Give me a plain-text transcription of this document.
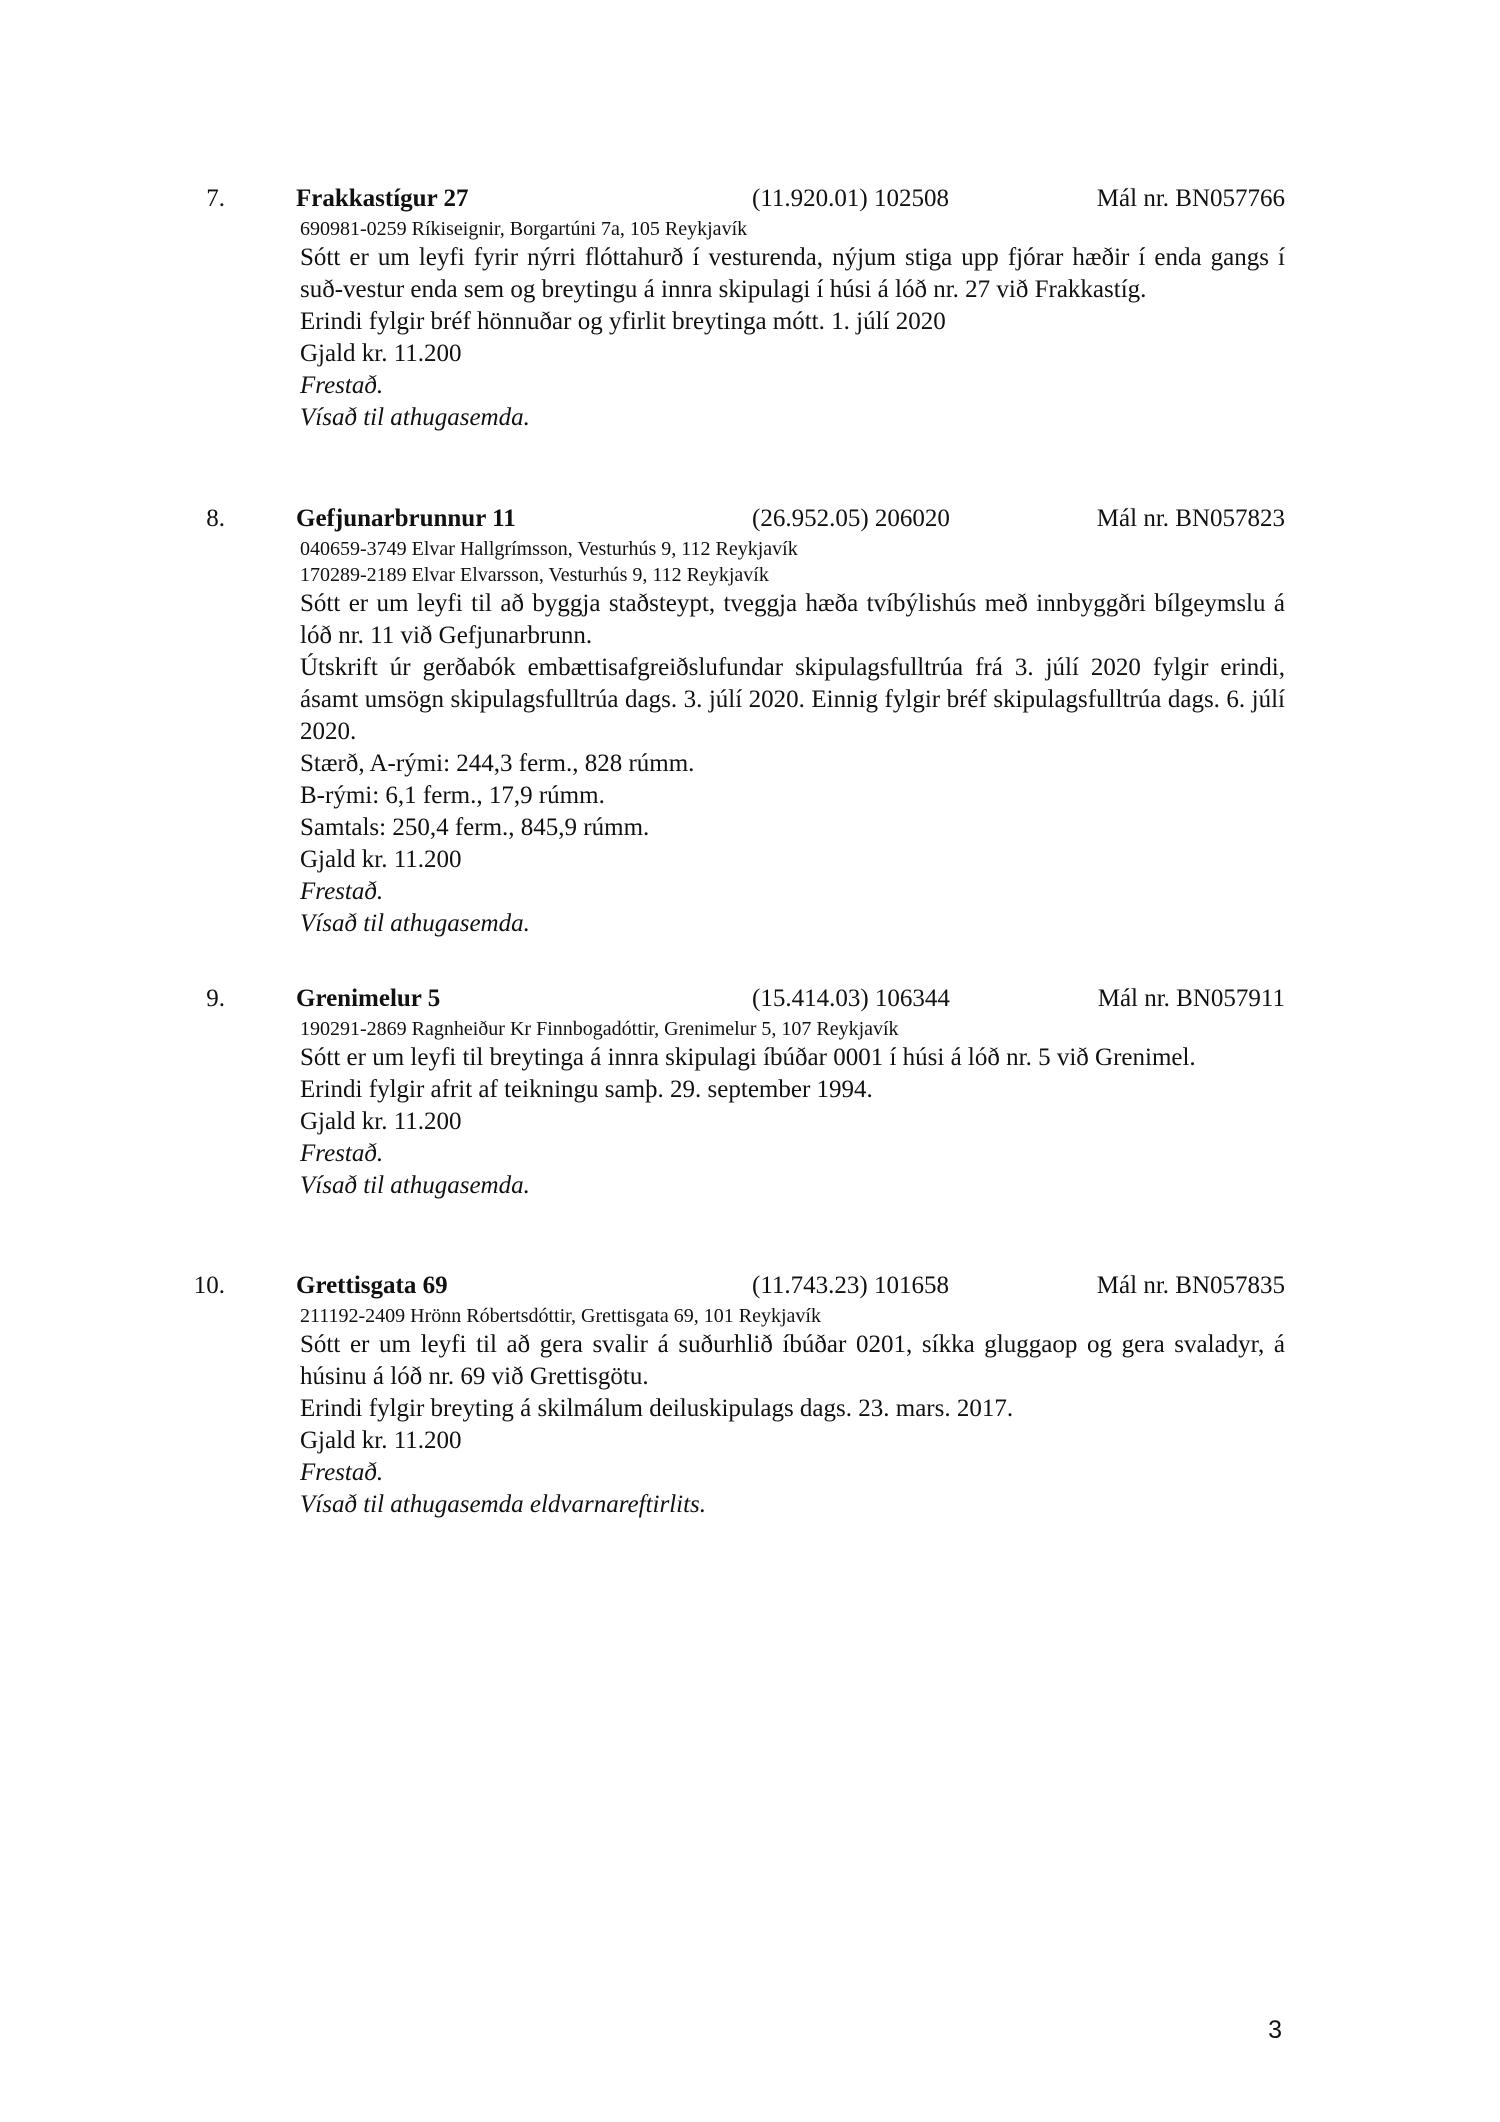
7.	Frakkastígur 27	(11.920.01) 102508	Mál nr. BN057766
690981-0259 Ríkiseignir, Borgartúni 7a, 105 Reykjavík
Sótt er um leyfi fyrir nýrri flóttahurð í vesturenda, nýjum stiga upp fjórar hæðir í enda gangs í suð-vestur enda sem og breytingu á innra skipulagi í húsi á lóð nr. 27 við Frakkastíg.
Erindi fylgir bréf hönnuðar og yfirlit breytinga mótt. 1. júlí 2020
Gjald kr. 11.200
Frestað.
Vísað til athugasemda.
8.	Gefjunarbrunnur 11	(26.952.05) 206020	Mál nr. BN057823
040659-3749 Elvar Hallgrímsson, Vesturhús 9, 112 Reykjavík
170289-2189 Elvar Elvarsson, Vesturhús 9, 112 Reykjavík
Sótt er um leyfi til að byggja staðsteypt, tveggja hæða tvíbýlishús með innbyggðri bílgeymslu á lóð nr. 11 við Gefjunarbrunn.
Útskrift úr gerðabók embættisafgreiðslufundar skipulagsfulltrúa frá 3. júlí 2020 fylgir erindi, ásamt umsögn skipulagsfulltrúa dags. 3. júlí 2020. Einnig fylgir bréf skipulagsfulltrúa dags. 6. júlí 2020.
Stærð, A-rými: 244,3 ferm., 828 rúmm.
B-rými: 6,1 ferm., 17,9 rúmm.
Samtals: 250,4 ferm., 845,9 rúmm.
Gjald kr. 11.200
Frestað.
Vísað til athugasemda.
9.	Grenimelur 5	(15.414.03) 106344	Mál nr. BN057911
190291-2869 Ragnheiður Kr Finnbogadóttir, Grenimelur 5, 107 Reykjavík
Sótt er um leyfi til breytinga á innra skipulagi íbúðar 0001 í húsi á lóð nr. 5 við Grenimel.
Erindi fylgir afrit af teikningu samþ. 29. september 1994.
Gjald kr. 11.200
Frestað.
Vísað til athugasemda.
10.	Grettisgata 69	(11.743.23) 101658	Mál nr. BN057835
211192-2409 Hrönn Róbertsdóttir, Grettisgata 69, 101 Reykjavík
Sótt er um leyfi til að gera svalir á suðurhlið íbúðar 0201, síkka gluggaop og gera svaladyr, á húsinu á lóð nr. 69 við Grettisgötu.
Erindi fylgir breyting á skilmálum deiluskipulags dags. 23. mars. 2017.
Gjald kr. 11.200
Frestað.
Vísað til athugasemda eldvarnareftirlits.
3
